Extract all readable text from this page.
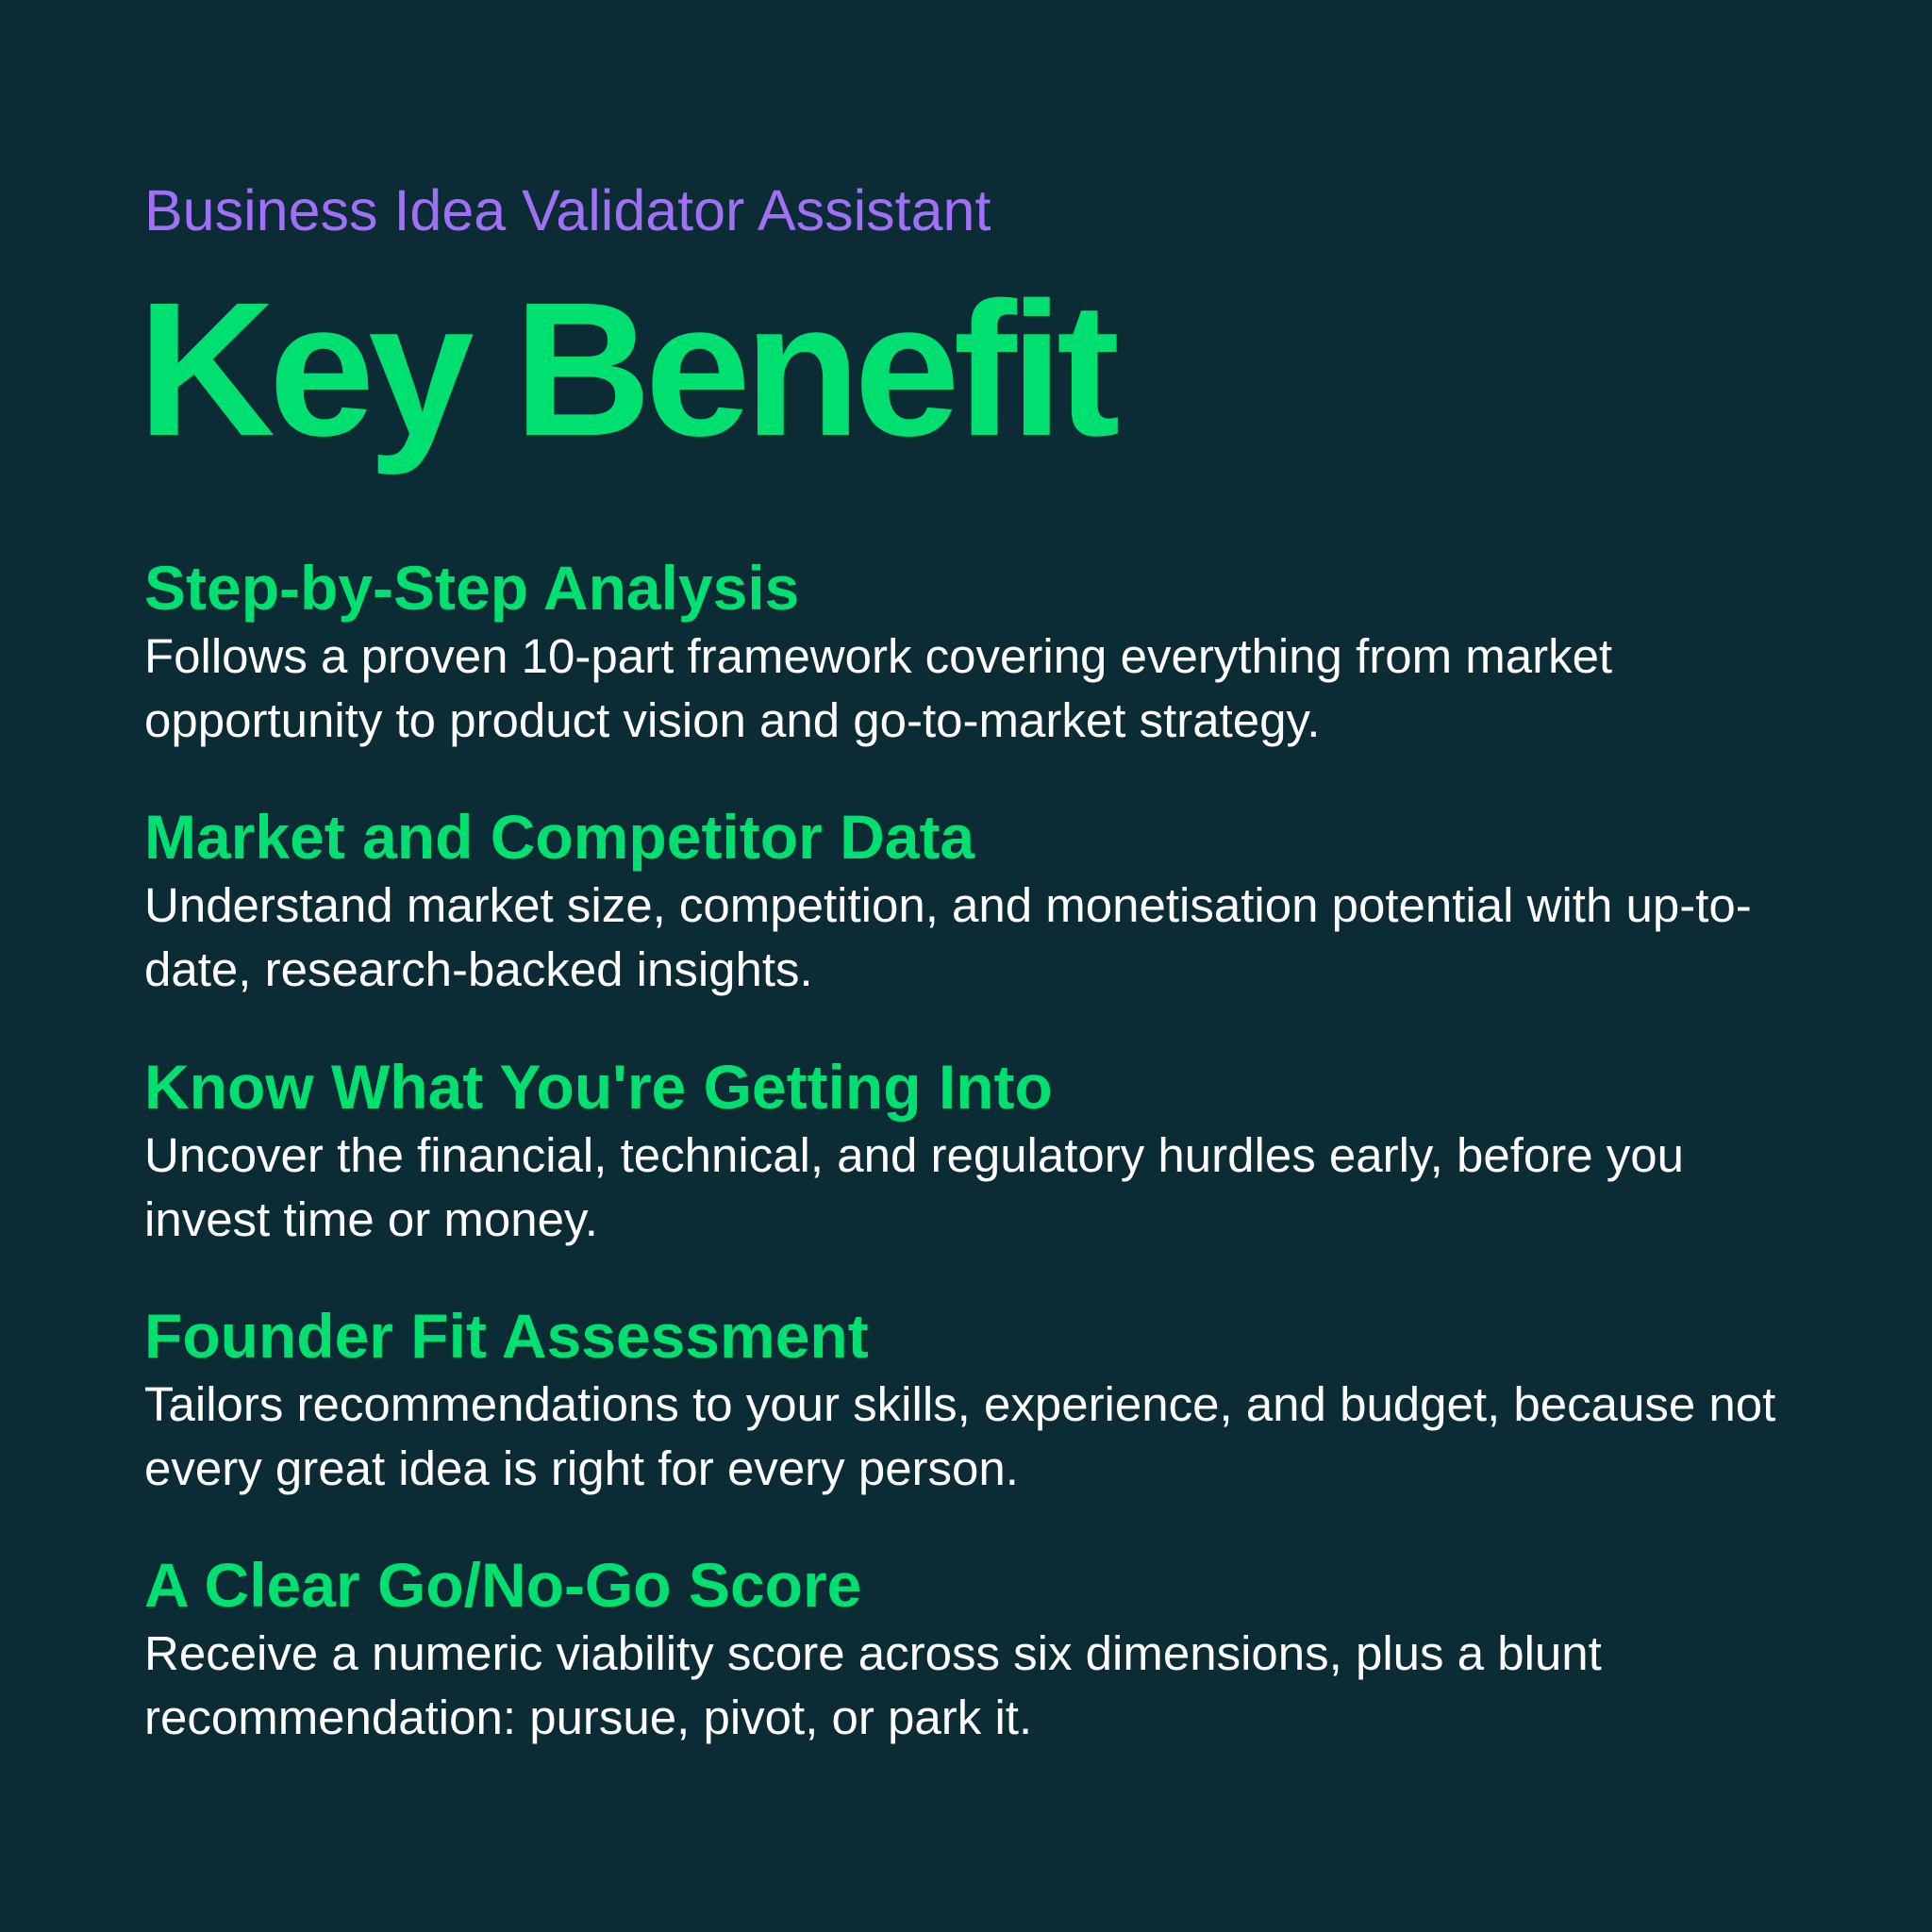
Business Idea Validator Assistant
Key Benefit
Step-by-Step Analysis

Follows a proven 10-part framework covering everything from market opportunity to product vision and go-to-market strategy.

Market and Competitor Data

Understand market size, competition, and monetisation potential with up-to-date, research-backed insights.

Know What You're Getting Into

Uncover the financial, technical, and regulatory hurdles early, before you invest time or money.

Founder Fit Assessment

Tailors recommendations to your skills, experience, and budget, because not every great idea is right for every person.

A Clear Go/No-Go Score

Receive a numeric viability score across six dimensions, plus a blunt recommendation: pursue, pivot, or park it.
